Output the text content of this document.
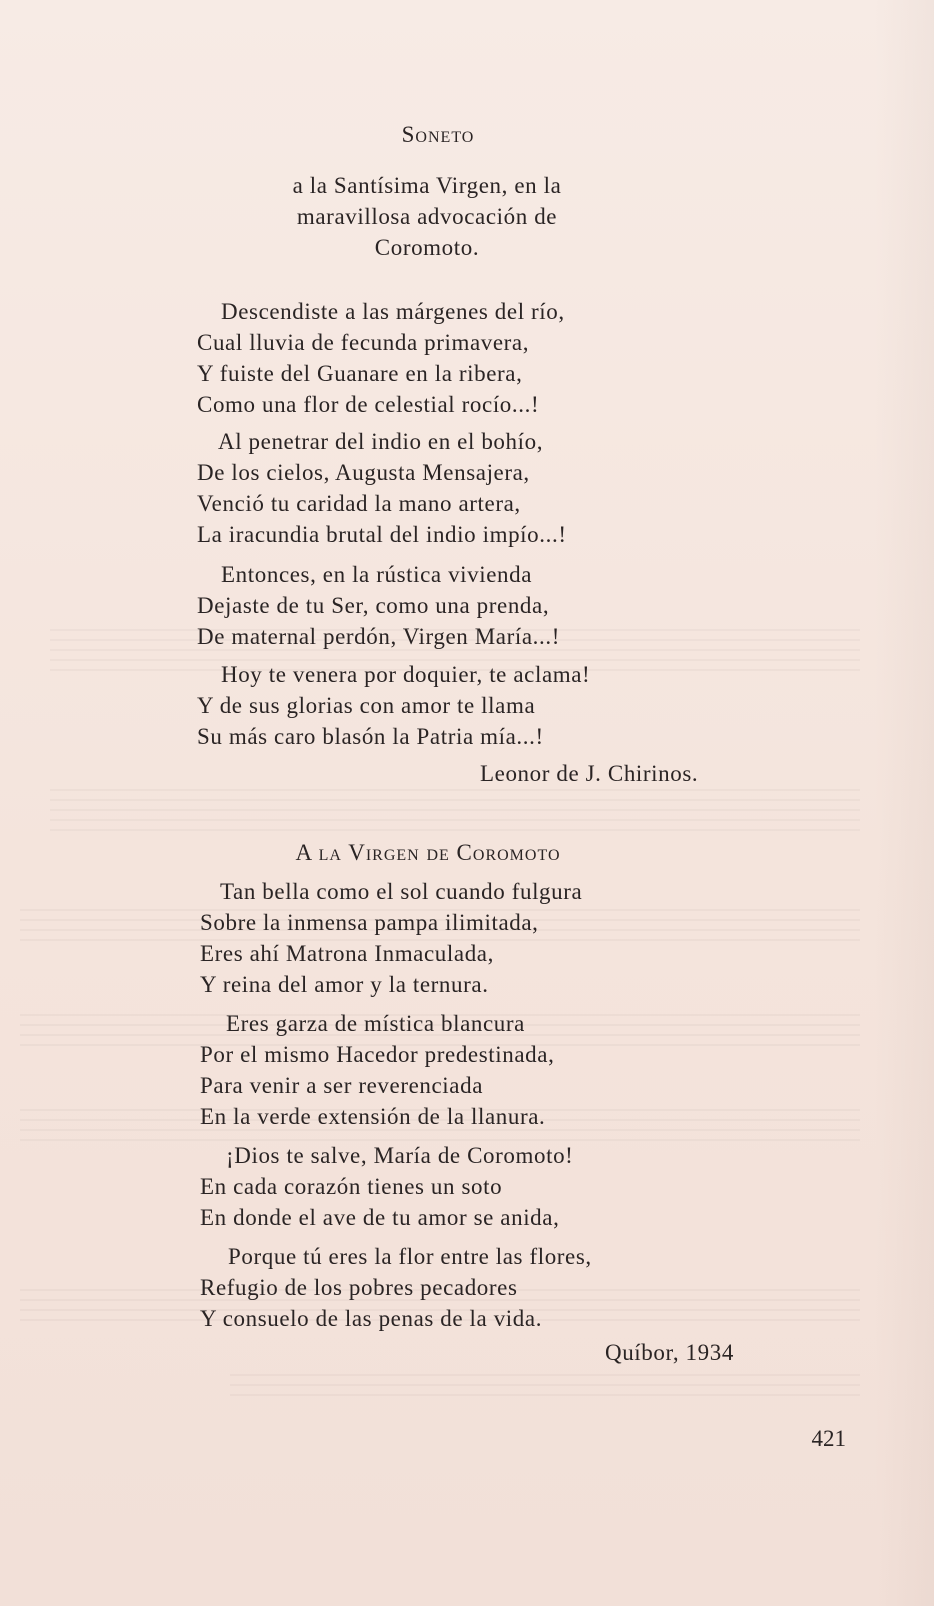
Soneto
a la Santísima Virgen, en la
maravillosa advocación de
Coromoto.
Descendiste a las márgenes del río,
Cual lluvia de fecunda primavera,
Y fuiste del Guanare en la ribera,
Como una flor de celestial rocío...!
Al penetrar del indio en el bohío,
De los cielos, Augusta Mensajera,
Venció tu caridad la mano artera,
La iracundia brutal del indio impío...!
Entonces, en la rústica vivienda
Dejaste de tu Ser, como una prenda,
De maternal perdón, Virgen María...!
Hoy te venera por doquier, te aclama!
Y de sus glorias con amor te llama
Su más caro blasón la Patria mía...!
Leonor de J. Chirinos.
A la Virgen de Coromoto
Tan bella como el sol cuando fulgura
Sobre la inmensa pampa ilimitada,
Eres ahí Matrona Inmaculada,
Y reina del amor y la ternura.
Eres garza de mística blancura
Por el mismo Hacedor predestinada,
Para venir a ser reverenciada
En la verde extensión de la llanura.
¡Dios te salve, María de Coromoto!
En cada corazón tienes un soto
En donde el ave de tu amor se anida,
Porque tú eres la flor entre las flores,
Refugio de los pobres pecadores
Y consuelo de las penas de la vida.
Quíbor, 1934
421
